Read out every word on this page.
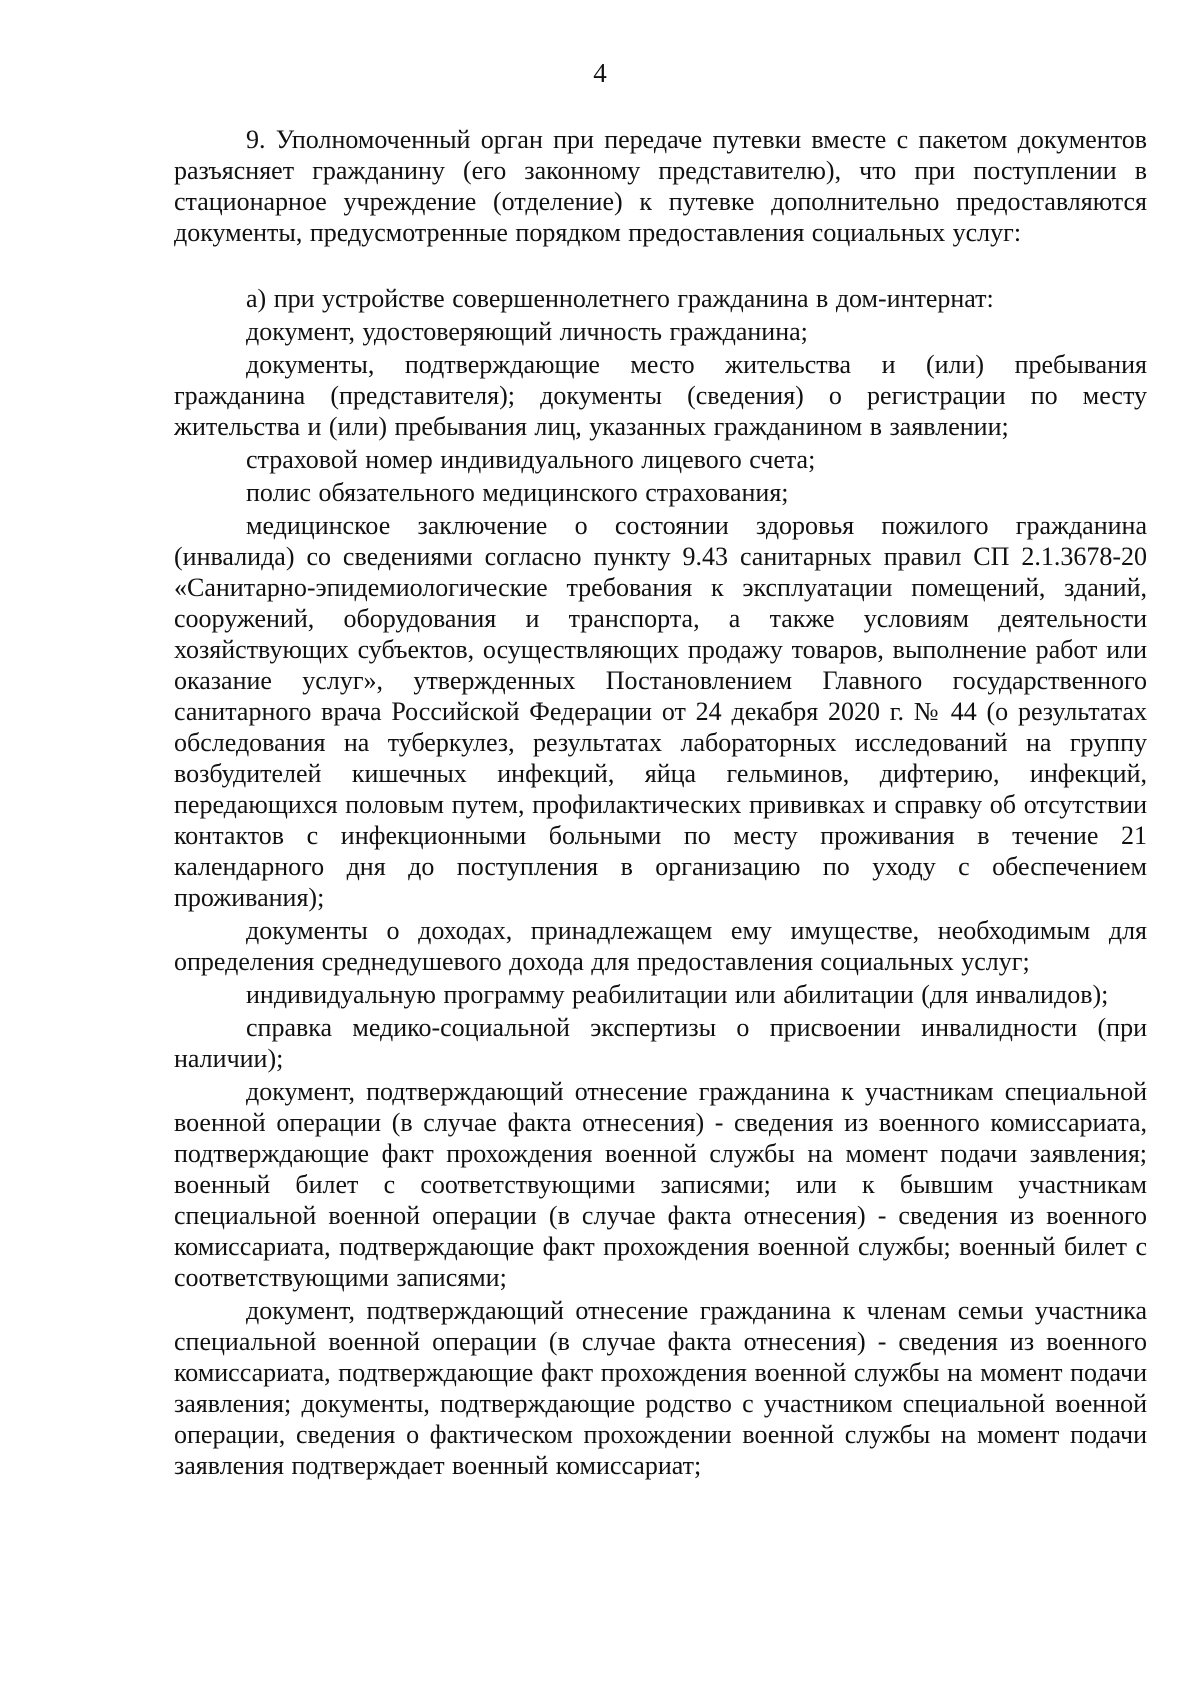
4

9. Уполномоченный орган при передаче путевки вместе с пакетом документов разъясняет гражданину (его законному представителю), что при поступлении в стационарное учреждение (отделение) к путевке дополнительно предоставляются документы, предусмотренные порядком предоставления социальных услуг:

а) при устройстве совершеннолетнего гражданина в дом-интернат:

документ, удостоверяющий личность гражданина;

документы, подтверждающие место жительства и (или) пребывания гражданина (представителя); документы (сведения) о регистрации по месту жительства и (или) пребывания лиц, указанных гражданином в заявлении;

страховой номер индивидуального лицевого счета;

полис обязательного медицинского страхования;

медицинское заключение о состоянии здоровья пожилого гражданина (инвалида) со сведениями согласно пункту 9.43 санитарных правил СП 2.1.3678-20 «Санитарно-эпидемиологические требования к эксплуатации помещений, зданий, сооружений, оборудования и транспорта, а также условиям деятельности хозяйствующих субъектов, осуществляющих продажу товаров, выполнение работ или оказание услуг», утвержденных Постановлением Главного государственного санитарного врача Российской Федерации от 24 декабря 2020 г. № 44 (о результатах обследования на туберкулез, результатах лабораторных исследований на группу возбудителей кишечных инфекций, яйца гельминов, дифтерию, инфекций, передающихся половым путем, профилактических прививках и справку об отсутствии контактов с инфекционными больными по месту проживания в течение 21 календарного дня до поступления в организацию по уходу с обеспечением проживания);

документы о доходах, принадлежащем ему имуществе, необходимым для определения среднедушевого дохода для предоставления социальных услуг;

индивидуальную программу реабилитации или абилитации (для инвалидов);

справка медико-социальной экспертизы о присвоении инвалидности (при наличии);

документ, подтверждающий отнесение гражданина к участникам специальной военной операции (в случае факта отнесения) - сведения из военного комиссариата, подтверждающие факт прохождения военной службы на момент подачи заявления; военный билет с соответствующими записями; или к бывшим участникам специальной военной операции (в случае факта отнесения) - сведения из военного комиссариата, подтверждающие факт прохождения военной службы; военный билет с соответствующими записями;

документ, подтверждающий отнесение гражданина к членам семьи участника специальной военной операции (в случае факта отнесения) - сведения из военного комиссариата, подтверждающие факт прохождения военной службы на момент подачи заявления; документы, подтверждающие родство с участником специальной военной операции, сведения о фактическом прохождении военной службы на момент подачи заявления подтверждает военный комиссариат;
